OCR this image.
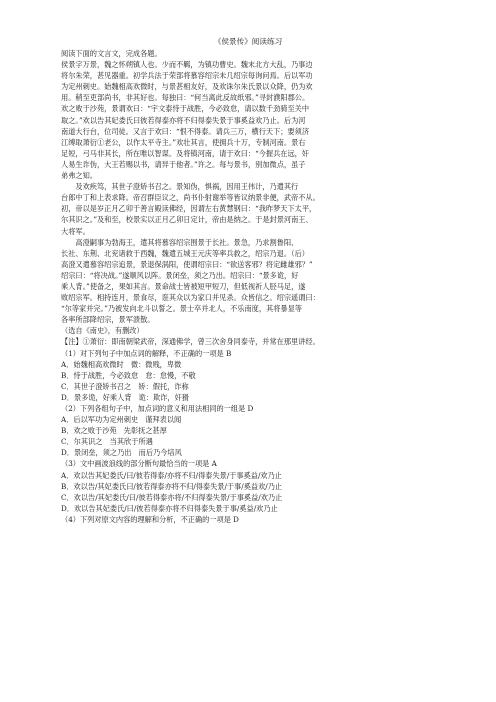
《侯景传》阅读练习
阅读下面的文言文，完成各题。
侯景字万景，魏之怀朔镇人也。少而不羁，为镇功曹史。魏末北方大乱，乃事边
将尔朱荣，甚见器重。初学兵法于荣部将慕容绍宗未几绍宗每询问焉。后以军功
为定州刺史。始魏相高欢微时，与景甚相友好，及欢诛尔朱氏景以众降，仍为欢
用。稍至吏部尚书，非其好也。每独曰：“何当离此反故纸邪。”寻封濮阳郡公。
欢之败于沙苑，景谓欢曰：“宇文泰恃于战胜，今必致怠，请以数千劲骑至关中
取之。”欢以告其妃娄氏曰彼若得泰亦将不归得泰失景于事奚益欢乃止。后为河
南道大行台，位司徒。又言于欢曰：“恨不得泰。请兵三万，横行天下；要须济
江缚取萧衍①老公，以作太平寺主。”欢壮其言，使拥兵十万，专制河南。景右
足短，弓马非其长，所在唯以智谋。及将镇河南，请于欢曰：“今握兵在远，奸
人易生诈伪，大王若赐以书，请异于他者。”许之。每与景书，别加微点，虽子
弟弗之知。
　　及欢疾笃，其世子澄矫书召之。景知伪，惧祸，因用王伟计，乃遣其行
台郎中丁和上表求降。帝召群臣议之，尚书仆射谢举等皆议纳景非便，武帝不从。
初，帝以是岁正月乙卯于善言殿读佛经，因谓左右黄慧钢曰：“我昨梦天下太平，
尔其识之。”及和至，校景实以正月乙卯日定计，帝由是纳之。于是封景河南王、
大将军。
　　高澄嗣事为勃海王，遣其将慕容绍宗围景于长社。景急，乃求割鲁阳、
长社、东荆、北兖诸救于西魏，魏遣五城王元庆等率兵救之，绍宗乃退。（后）
高澄又遣慕容绍宗追景，景退保涡阳，使谓绍宗曰：“欲送客邪？将定雌雄邪？”
绍宗曰：“将决战。”遂顺风以阵。景闭垒，须之乃出。绍宗曰：“景多诡，好
乘人背。”使备之，果如其言。景命战士皆被短甲短刀，但低视祈人胫马足，遂
败绍宗军。相持连月，景食尽，诳其众以为家口并见杀。众皆信之。绍宗遥谓曰：
“尔等家并完。”乃被发向北斗以誓之。景士卒并北人，不乐南度，其将暴显等
各率所部降绍宗，景军溃散。
（选自《南史》，有删改）
【注】①萧衍：即南朝梁武帝，深通佛学，曾三次舍身同泰寺，并常在那里讲经。
（1）对下列句子中加点词的解释，不正确的一项是 B
A．始魏相高欢微时　微：微贱，卑微
B．恃于战胜，今必致怠　怠：怠慢，不敬
C．其世子澄矫书召之　矫：假托，诈称
D．景多诡，好乘人背　诡：欺诈，奸猾
（2）下列各组句子中，加点词的意义和用法相同的一组是 D
A．后以军功为定州刺史　谨拜表以闻
B．欢之败于沙苑　先彰抚之甚厚
C．尔其识之　当其欣于所遇
D．景闭垒，须之乃出　而后乃今培风
（3）文中画波浪线的部分断句最恰当的一项是 A
A．欢以告其妃娄氏/曰/彼若得泰/亦将不归/得泰失景/于事奚益/欢乃止
B．欢以告/其妃娄氏曰/彼若得泰亦将不归/得泰失景/于事/奚益欢/乃止
C．欢以告/其妃娄氏/曰/彼若得泰亦将/不归得泰失景/于事奚益/欢乃止
D．欢以告其妃娄氏/曰/彼若得泰亦将不归得泰失景于事/奚益/欢乃止
（4）下列对原文内容的理解和分析，不正确的一项是 D
